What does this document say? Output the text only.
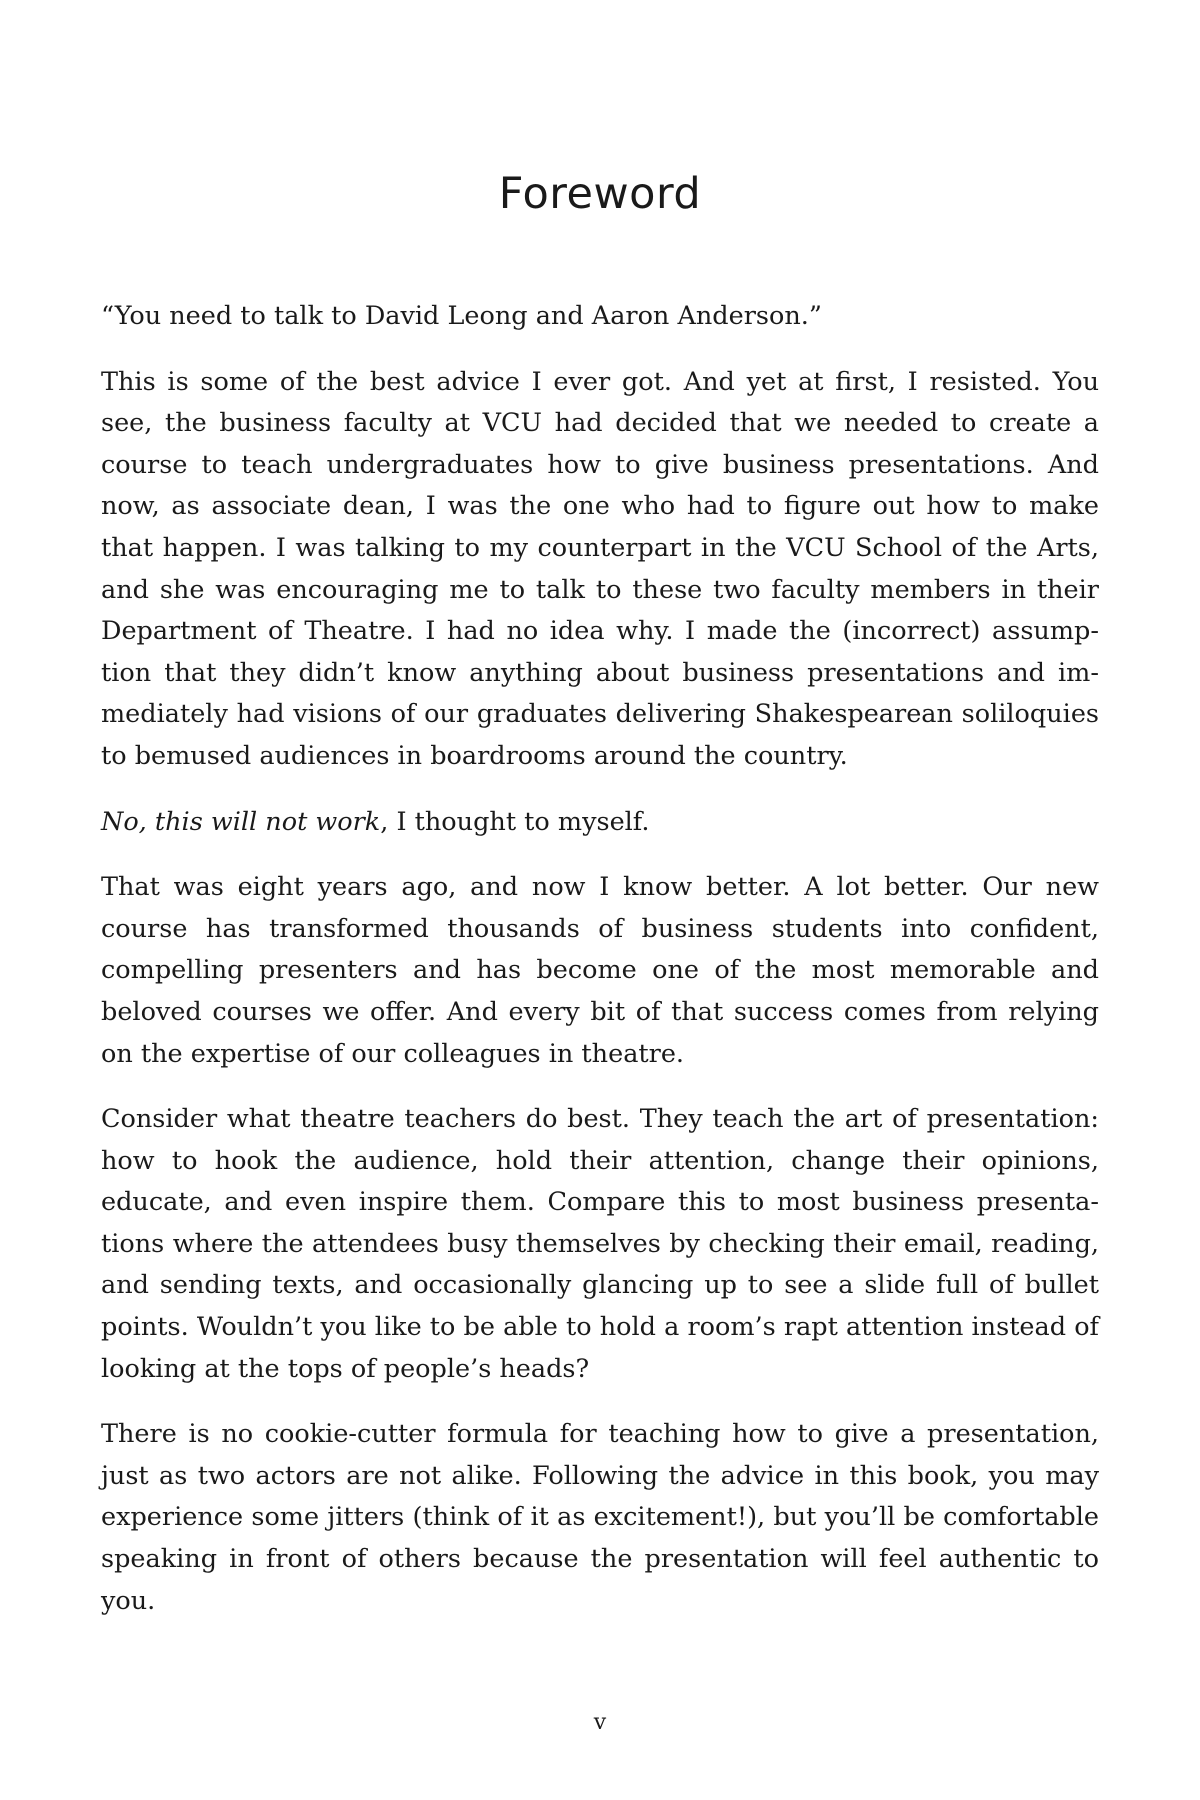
Foreword

“You need to talk to David Leong and Aaron Anderson.”

This is some of the best advice I ever got. And yet at first, I resisted. You see, the business faculty at VCU had decided that we needed to create a course to teach undergraduates how to give business presentations. And now, as associate dean, I was the one who had to figure out how to make that happen. I was talking to my counterpart in the VCU School of the Arts, and she was encouraging me to talk to these two faculty members in their Department of Theatre. I had no idea why. I made the (incorrect) assumption that they didn’t know anything about business presentations and immediately had visions of our graduates delivering Shakespearean soliloquies to bemused audiences in boardrooms around the country.

No, this will not work, I thought to myself.

That was eight years ago, and now I know better. A lot better. Our new course has transformed thousands of business students into confident, compelling presenters and has become one of the most memorable and beloved courses we offer. And every bit of that success comes from relying on the expertise of our colleagues in theatre.

Consider what theatre teachers do best. They teach the art of presentation: how to hook the audience, hold their attention, change their opinions, educate, and even inspire them. Compare this to most business presentations where the attendees busy themselves by checking their email, reading, and sending texts, and occasionally glancing up to see a slide full of bullet points. Wouldn’t you like to be able to hold a room’s rapt attention instead of looking at the tops of people’s heads?

There is no cookie-cutter formula for teaching how to give a presentation, just as two actors are not alike. Following the advice in this book, you may experience some jitters (think of it as excitement!), but you’ll be comfortable speaking in front of others because the presentation will feel authentic to you.

v
